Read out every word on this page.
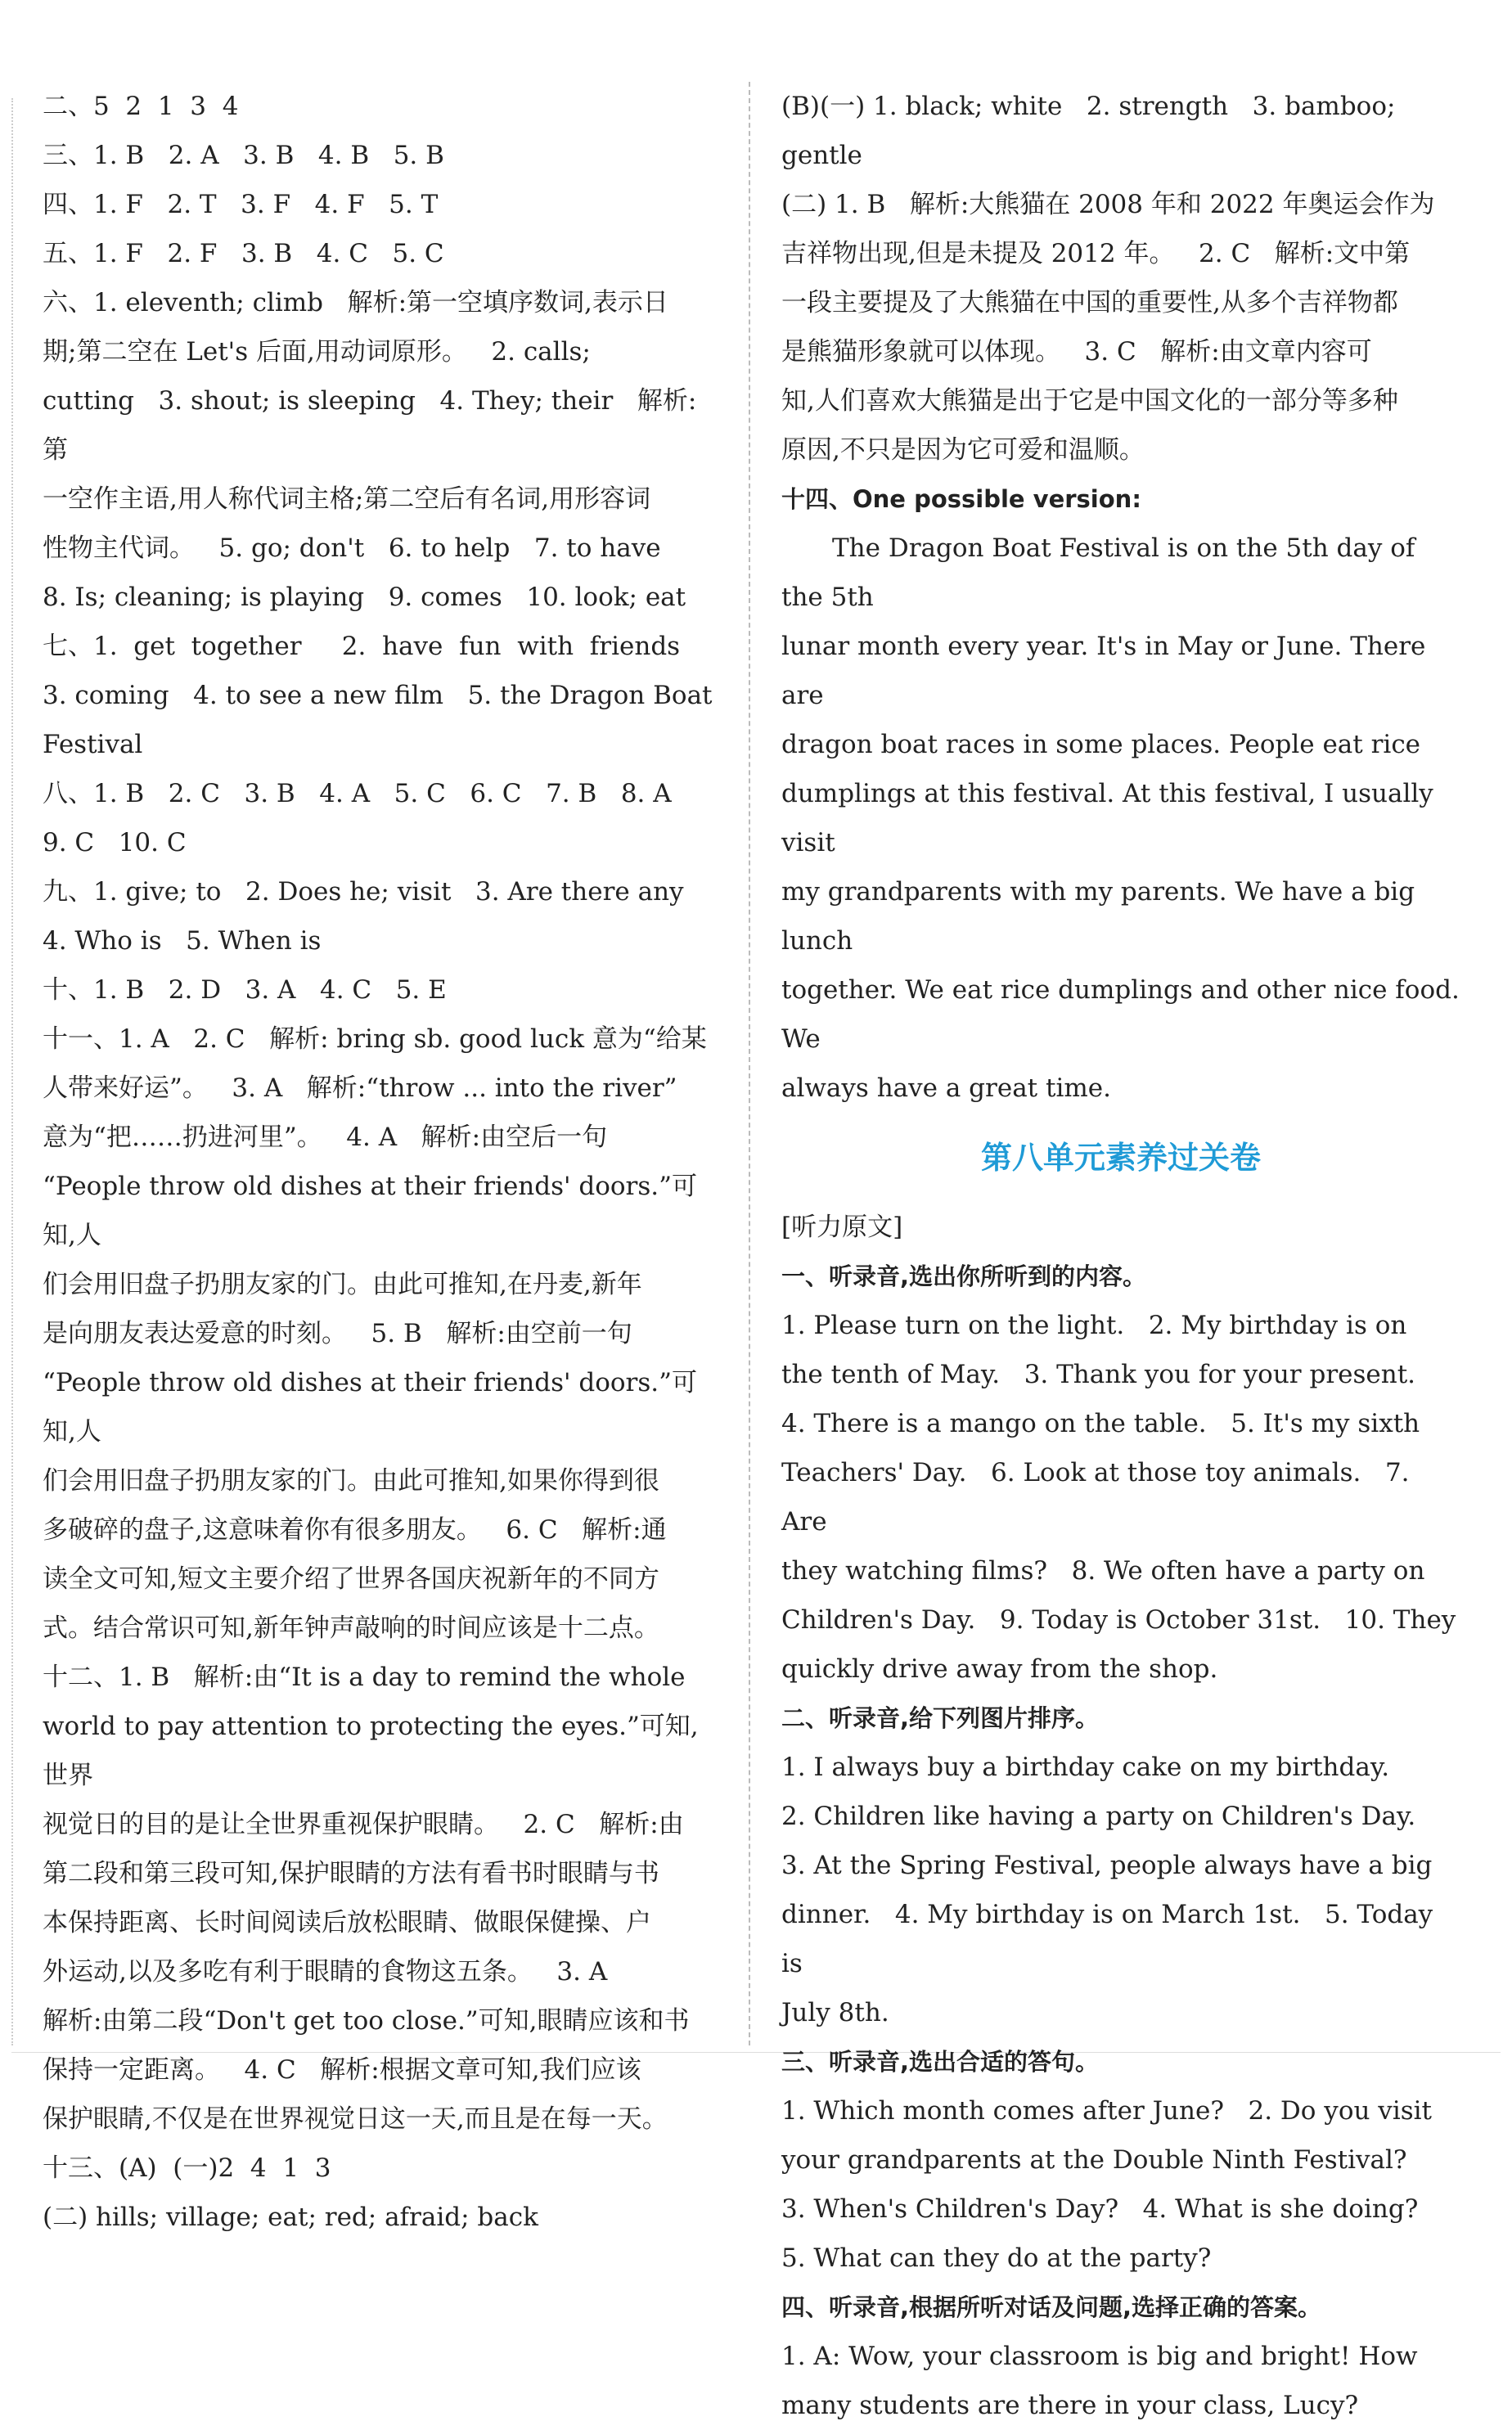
二、5  2  1  3  4
三、1. B   2. A   3. B   4. B   5. B
四、1. F   2. T   3. F   4. F   5. T
五、1. F   2. F   3. B   4. C   5. C
六、1. eleventh; climb   解析:第一空填序数词,表示日
期;第二空在 Let's 后面,用动词原形。   2. calls;
cutting   3. shout; is sleeping   4. They; their   解析:第
一空作主语,用人称代词主格;第二空后有名词,用形容词
性物主代词。   5. go; don't   6. to help   7. to have
8. Is; cleaning; is playing   9. comes   10. look; eat
七、1.  get  together     2.  have  fun  with  friends
3. coming   4. to see a new film   5. the Dragon Boat
Festival
八、1. B   2. C   3. B   4. A   5. C   6. C   7. B   8. A
9. C   10. C
九、1. give; to   2. Does he; visit   3. Are there any
4. Who is   5. When is
十、1. B   2. D   3. A   4. C   5. E
十一、1. A   2. C   解析: bring sb. good luck 意为“给某
人带来好运”。   3. A   解析:“throw ... into the river”
意为“把……扔进河里”。   4. A   解析:由空后一句
“People throw old dishes at their friends' doors.”可知,人
们会用旧盘子扔朋友家的门。由此可推知,在丹麦,新年
是向朋友表达爱意的时刻。   5. B   解析:由空前一句
“People throw old dishes at their friends' doors.”可知,人
们会用旧盘子扔朋友家的门。由此可推知,如果你得到很
多破碎的盘子,这意味着你有很多朋友。   6. C   解析:通
读全文可知,短文主要介绍了世界各国庆祝新年的不同方
式。结合常识可知,新年钟声敲响的时间应该是十二点。
十二、1. B   解析:由“It is a day to remind the whole
world to pay attention to protecting the eyes.”可知,世界
视觉日的目的是让全世界重视保护眼睛。   2. C   解析:由
第二段和第三段可知,保护眼睛的方法有看书时眼睛与书
本保持距离、长时间阅读后放松眼睛、做眼保健操、户
外运动,以及多吃有利于眼睛的食物这五条。   3. A
解析:由第二段“Don't get too close.”可知,眼睛应该和书
保持一定距离。   4. C   解析:根据文章可知,我们应该
保护眼睛,不仅是在世界视觉日这一天,而且是在每一天。
十三、(A)  (一)2  4  1  3
(二) hills; village; eat; red; afraid; back
(B)(一) 1. black; white   2. strength   3. bamboo;
gentle
(二) 1. B   解析:大熊猫在 2008 年和 2022 年奥运会作为
吉祥物出现,但是未提及 2012 年。   2. C   解析:文中第
一段主要提及了大熊猫在中国的重要性,从多个吉祥物都
是熊猫形象就可以体现。   3. C   解析:由文章内容可
知,人们喜欢大熊猫是出于它是中国文化的一部分等多种
原因,不只是因为它可爱和温顺。
十四、One possible version:
The Dragon Boat Festival is on the 5th day of the 5th
lunar month every year. It's in May or June. There are
dragon boat races in some places. People eat rice
dumplings at this festival. At this festival, I usually visit
my grandparents with my parents. We have a big lunch
together. We eat rice dumplings and other nice food. We
always have a great time.
第八单元素养过关卷
[听力原文]
一、听录音,选出你所听到的内容。
1. Please turn on the light.   2. My birthday is on
the tenth of May.   3. Thank you for your present.
4. There is a mango on the table.   5. It's my sixth
Teachers' Day.   6. Look at those toy animals.   7. Are
they watching films?   8. We often have a party on
Children's Day.   9. Today is October 31st.   10. They
quickly drive away from the shop.
二、听录音,给下列图片排序。
1. I always buy a birthday cake on my birthday.
2. Children like having a party on Children's Day.
3. At the Spring Festival, people always have a big
dinner.   4. My birthday is on March 1st.   5. Today is
July 8th.
三、听录音,选出合适的答句。
1. Which month comes after June?   2. Do you visit
your grandparents at the Double Ninth Festival?
3. When's Children's Day?   4. What is she doing?
5. What can they do at the party?
四、听录音,根据所听对话及问题,选择正确的答案。
1. A: Wow, your classroom is big and bright! How
many students are there in your class, Lucy?
